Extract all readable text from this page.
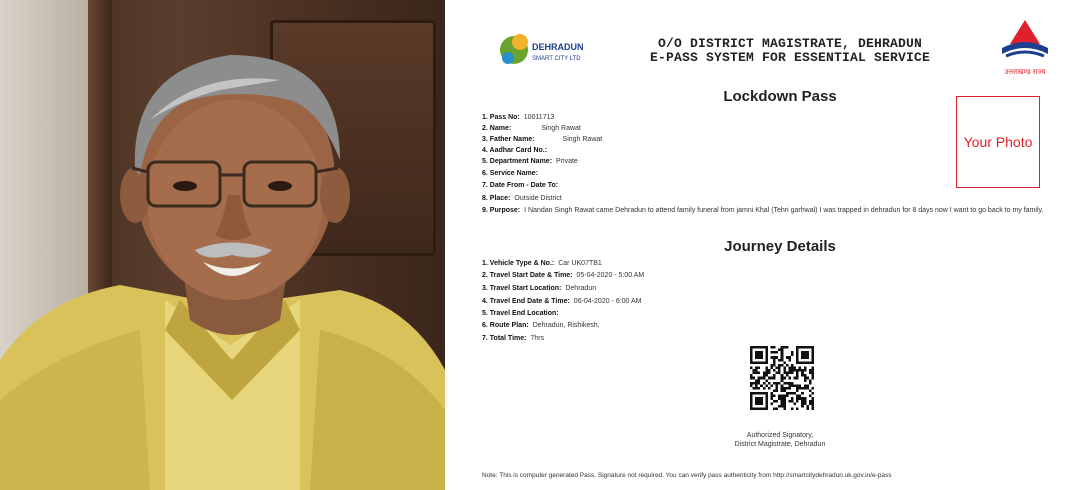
DEHRADUN
SMART CITY LTD
O/O DISTRICT MAGISTRATE, DEHRADUN
E-PASS SYSTEM FOR ESSENTIAL SERVICE
उत्तराखण्ड राज्य
Lockdown Pass
Your Photo
1. Pass No: 10011713
2. Name:	Singh Rawat
3. Father Name:	Singh Rawat
4. Aadhar Card No.:
5. Department Name: Private
6. Service Name:
7. Date From - Date To:
8. Place: Outside District
9. Purpose: I Nandan Singh Rawat came Dehradun to attend family funeral from jamni Khal (Tehri garhwal) I was trapped in dehradun for 8 days now I want to go back to my family.
Journey Details
1. Vehicle Type & No.: Car UK07TB1
2. Travel Start Date & Time: 05-04-2020 - 5:00 AM
3. Travel Start Location: Dehradun
4. Travel End Date & Time: 06-04-2020 - 6:00 AM
5. Travel End Location:
6. Route Plan: Dehradun, Rishikesh,
7. Total Time: 7hrs
Authorized Signatory,
District Magistrate, Dehradun
Note: This is computer generated Pass. Signature not required. You can verify pass authenticity from http://smartcitydehradun.uk.gov.in/e-pass
